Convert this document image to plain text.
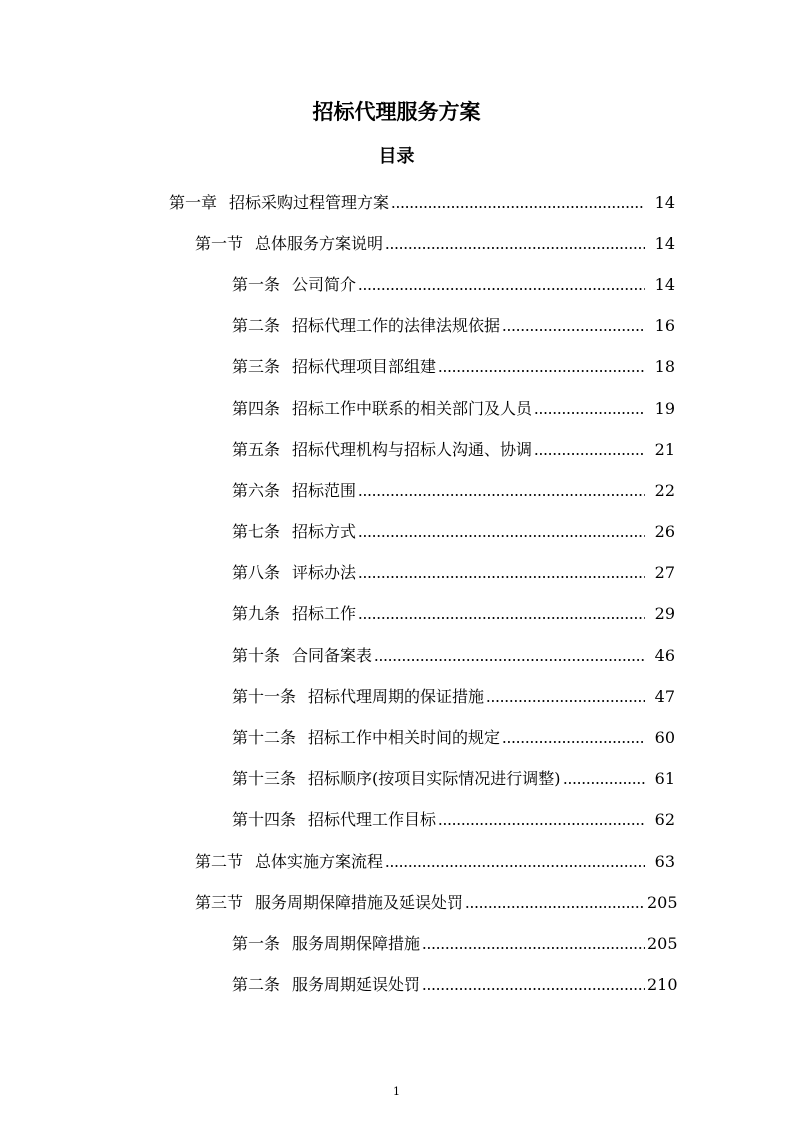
招标代理服务方案
目录
第一章 招标采购过程管理方案	14
第一节 总体服务方案说明	14
第一条 公司简介	14
第二条 招标代理工作的法律法规依据	16
第三条 招标代理项目部组建	18
第四条 招标工作中联系的相关部门及人员	19
第五条 招标代理机构与招标人沟通、协调	21
第六条 招标范围	22
第七条 招标方式	26
第八条 评标办法	27
第九条 招标工作	29
第十条 合同备案表	46
第十一条 招标代理周期的保证措施	47
第十二条 招标工作中相关时间的规定	60
第十三条 招标顺序(按项目实际情况进行调整)	61
第十四条 招标代理工作目标	62
第二节 总体实施方案流程	63
第三节 服务周期保障措施及延误处罚	205
第一条 服务周期保障措施	205
第二条 服务周期延误处罚	210
1
